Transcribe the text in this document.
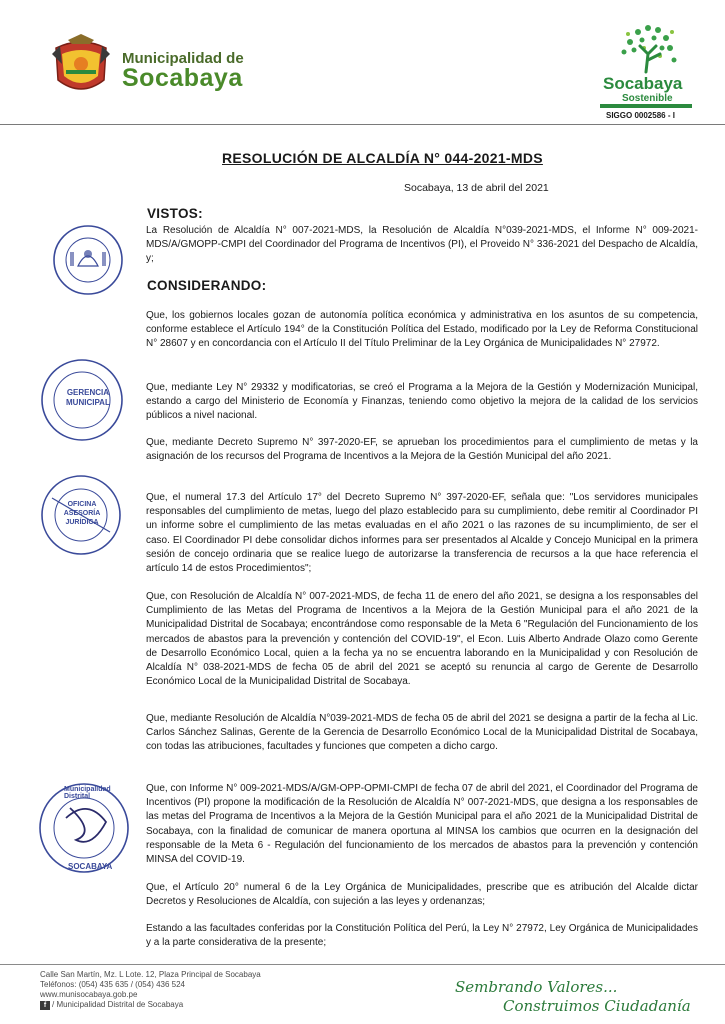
Municipalidad de
Socabaya	Socabaya
Sostenible
SIGGO 0002586 - I
RESOLUCIÓN DE ALCALDÍA N° 044-2021-MDS
Socabaya, 13 de abril del 2021
VISTOS:
La Resolución de Alcaldía N° 007-2021-MDS, la Resolución de Alcaldía N°039-2021-MDS, el Informe N° 009-2021-MDS/A/GMOPP-CMPI del Coordinador del Programa de Incentivos (PI), el Proveido N° 336-2021 del Despacho de Alcaldía, y;
CONSIDERANDO:
Que, los gobiernos locales gozan de autonomía política económica y administrativa en los asuntos de su competencia, conforme establece el Artículo 194° de la Constitución Política del Estado, modificado por la Ley de Reforma Constitucional N° 28607 y en concordancia con el Artículo II del Título Preliminar de la Ley Orgánica de Municipalidades N° 27972.
Que, mediante Ley N° 29332 y modificatorias, se creó el Programa a la Mejora de la Gestión y Modernización Municipal, estando a cargo del Ministerio de Economía y Finanzas, teniendo como objetivo la mejora de la calidad de los servicios públicos a nivel nacional.
Que, mediante Decreto Supremo N° 397-2020-EF, se aprueban los procedimientos para el cumplimiento de metas y la asignación de los recursos del Programa de Incentivos a la Mejora de la Gestión Municipal del año 2021.
Que, el numeral 17.3 del Artículo 17° del Decreto Supremo N° 397-2020-EF, señala que: "Los servidores municipales responsables del cumplimiento de metas, luego del plazo establecido para su cumplimiento, debe remitir al Coordinador PI un informe sobre el cumplimiento de las metas evaluadas en el año 2021 o las razones de su incumplimiento, de ser el caso. El Coordinador PI debe consolidar dichos informes para ser presentados al Alcalde y Concejo Municipal en la primera sesión de concejo ordinaria que se realice luego de autorizarse la transferencia de recursos a la que hace referencia el artículo 14 de estos Procedimientos";
Que, con Resolución de Alcaldía N° 007-2021-MDS, de fecha 11 de enero del año 2021, se designa a los responsables del Cumplimiento de las Metas del Programa de Incentivos a la Mejora de la Gestión Municipal para el año 2021 de la Municipalidad Distrital de Socabaya; encontrándose como responsable de la Meta 6 "Regulación del Funcionamiento de los mercados de abastos para la prevención y contención del COVID-19", el Econ. Luis Alberto Andrade Olazo como Gerente de Desarrollo Económico Local, quien a la fecha ya no se encuentra laborando en la Municipalidad y con Resolución de Alcaldía N° 038-2021-MDS de fecha 05 de abril del 2021 se aceptó su renuncia al cargo de Gerente de Desarrollo Económico Local de la Municipalidad Distrital de Socabaya.
Que, mediante Resolución de Alcaldía N°039-2021-MDS de fecha 05 de abril del 2021 se designa a partir de la fecha al Lic. Carlos Sánchez Salinas, Gerente de la Gerencia de Desarrollo Económico Local de la Municipalidad Distrital de Socabaya, con todas las atribuciones, facultades y funciones que competen a dicho cargo.
Que, con Informe N° 009-2021-MDS/A/GM-OPP-OPMI-CMPI de fecha 07 de abril del 2021, el Coordinador del Programa de Incentivos (PI) propone la modificación de la Resolución de Alcaldía N° 007-2021-MDS, que designa a los responsables de las metas del Programa de Incentivos a la Mejora de la Gestión Municipal para el año 2021 de la Municipalidad Distrital de Socabaya, con la finalidad de comunicar de manera oportuna al MINSA los cambios que ocurren en la designación del responsable de la Meta 6 - Regulación del funcionamiento de los mercados de abastos para la prevención y contención MINSA del COVID-19.
Que, el Artículo 20° numeral 6 de la Ley Orgánica de Municipalidades, prescribe que es atribución del Alcalde dictar Decretos y Resoluciones de Alcaldía, con sujeción a las leyes y ordenanzas;
Estando a las facultades conferidas por la Constitución Política del Perú, la Ley N° 27972, Ley Orgánica de Municipalidades y a la parte considerativa de la presente;
GERENCIA
MUNICIPAL
OFICINA
ASESORÍA
JURÍDICA
Municipalidad Distrital
SOCABAYA
Calle San Martín, Mz. L Lote. 12, Plaza Principal de Socabaya
Teléfonos: (054) 435 635 / (054) 436 524
www.munisocabaya.gob.pe
f / Municipalidad Distrital de Socabaya
Sembrando Valores...
Construimos Ciudadanía
